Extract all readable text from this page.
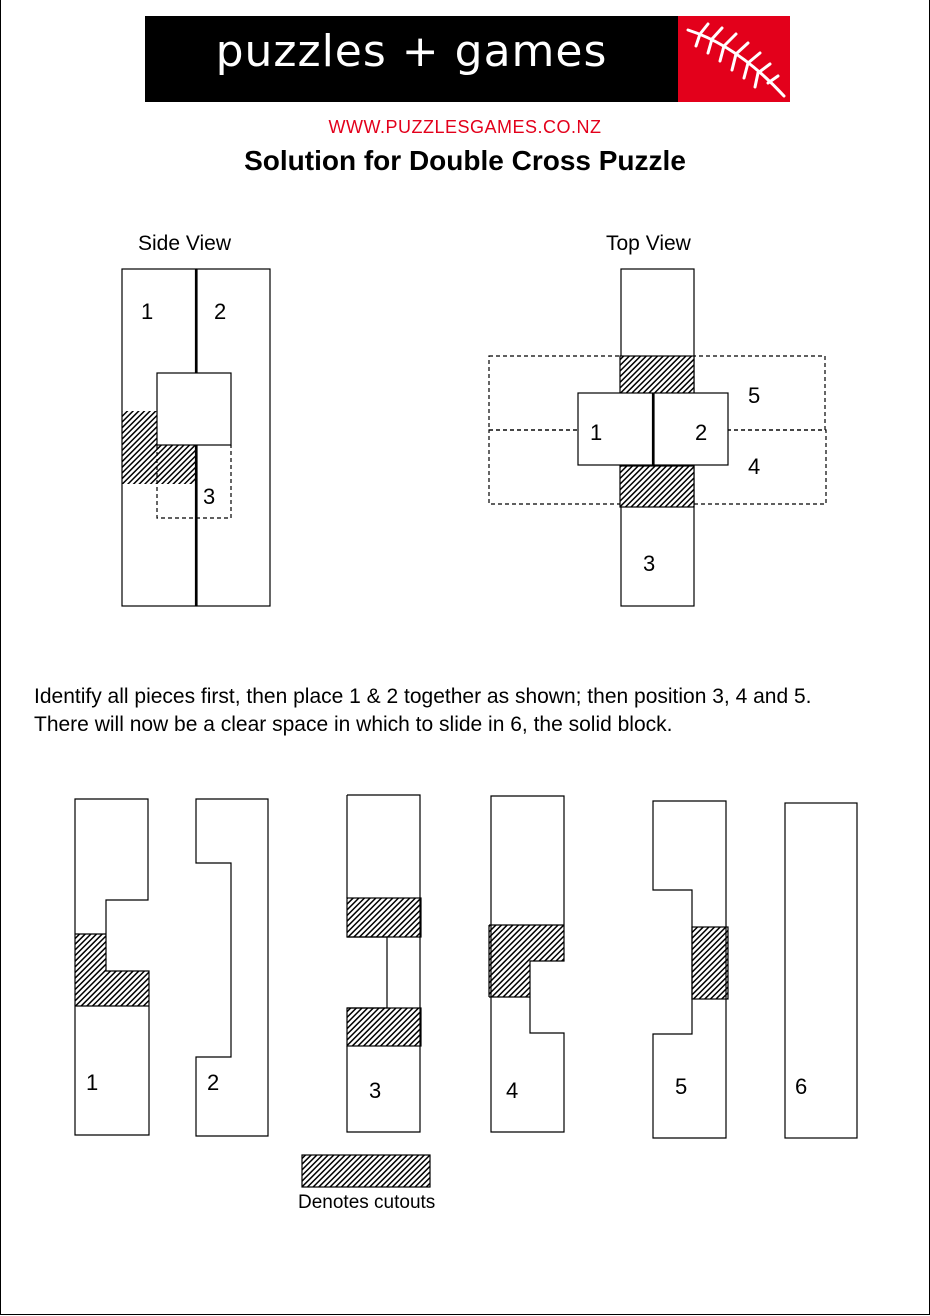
puzzles + games
WWW.PUZZLESGAMES.CO.NZ
Solution for Double Cross Puzzle
Side View	Top View
Identify all pieces first, then place 1 & 2 together as shown; then position 3, 4 and 5. There will now be a clear space in which to slide in 6, the solid block.
1	2
3
1	2
3
4
5
1	2	3	4	5	6
Denotes cutouts
